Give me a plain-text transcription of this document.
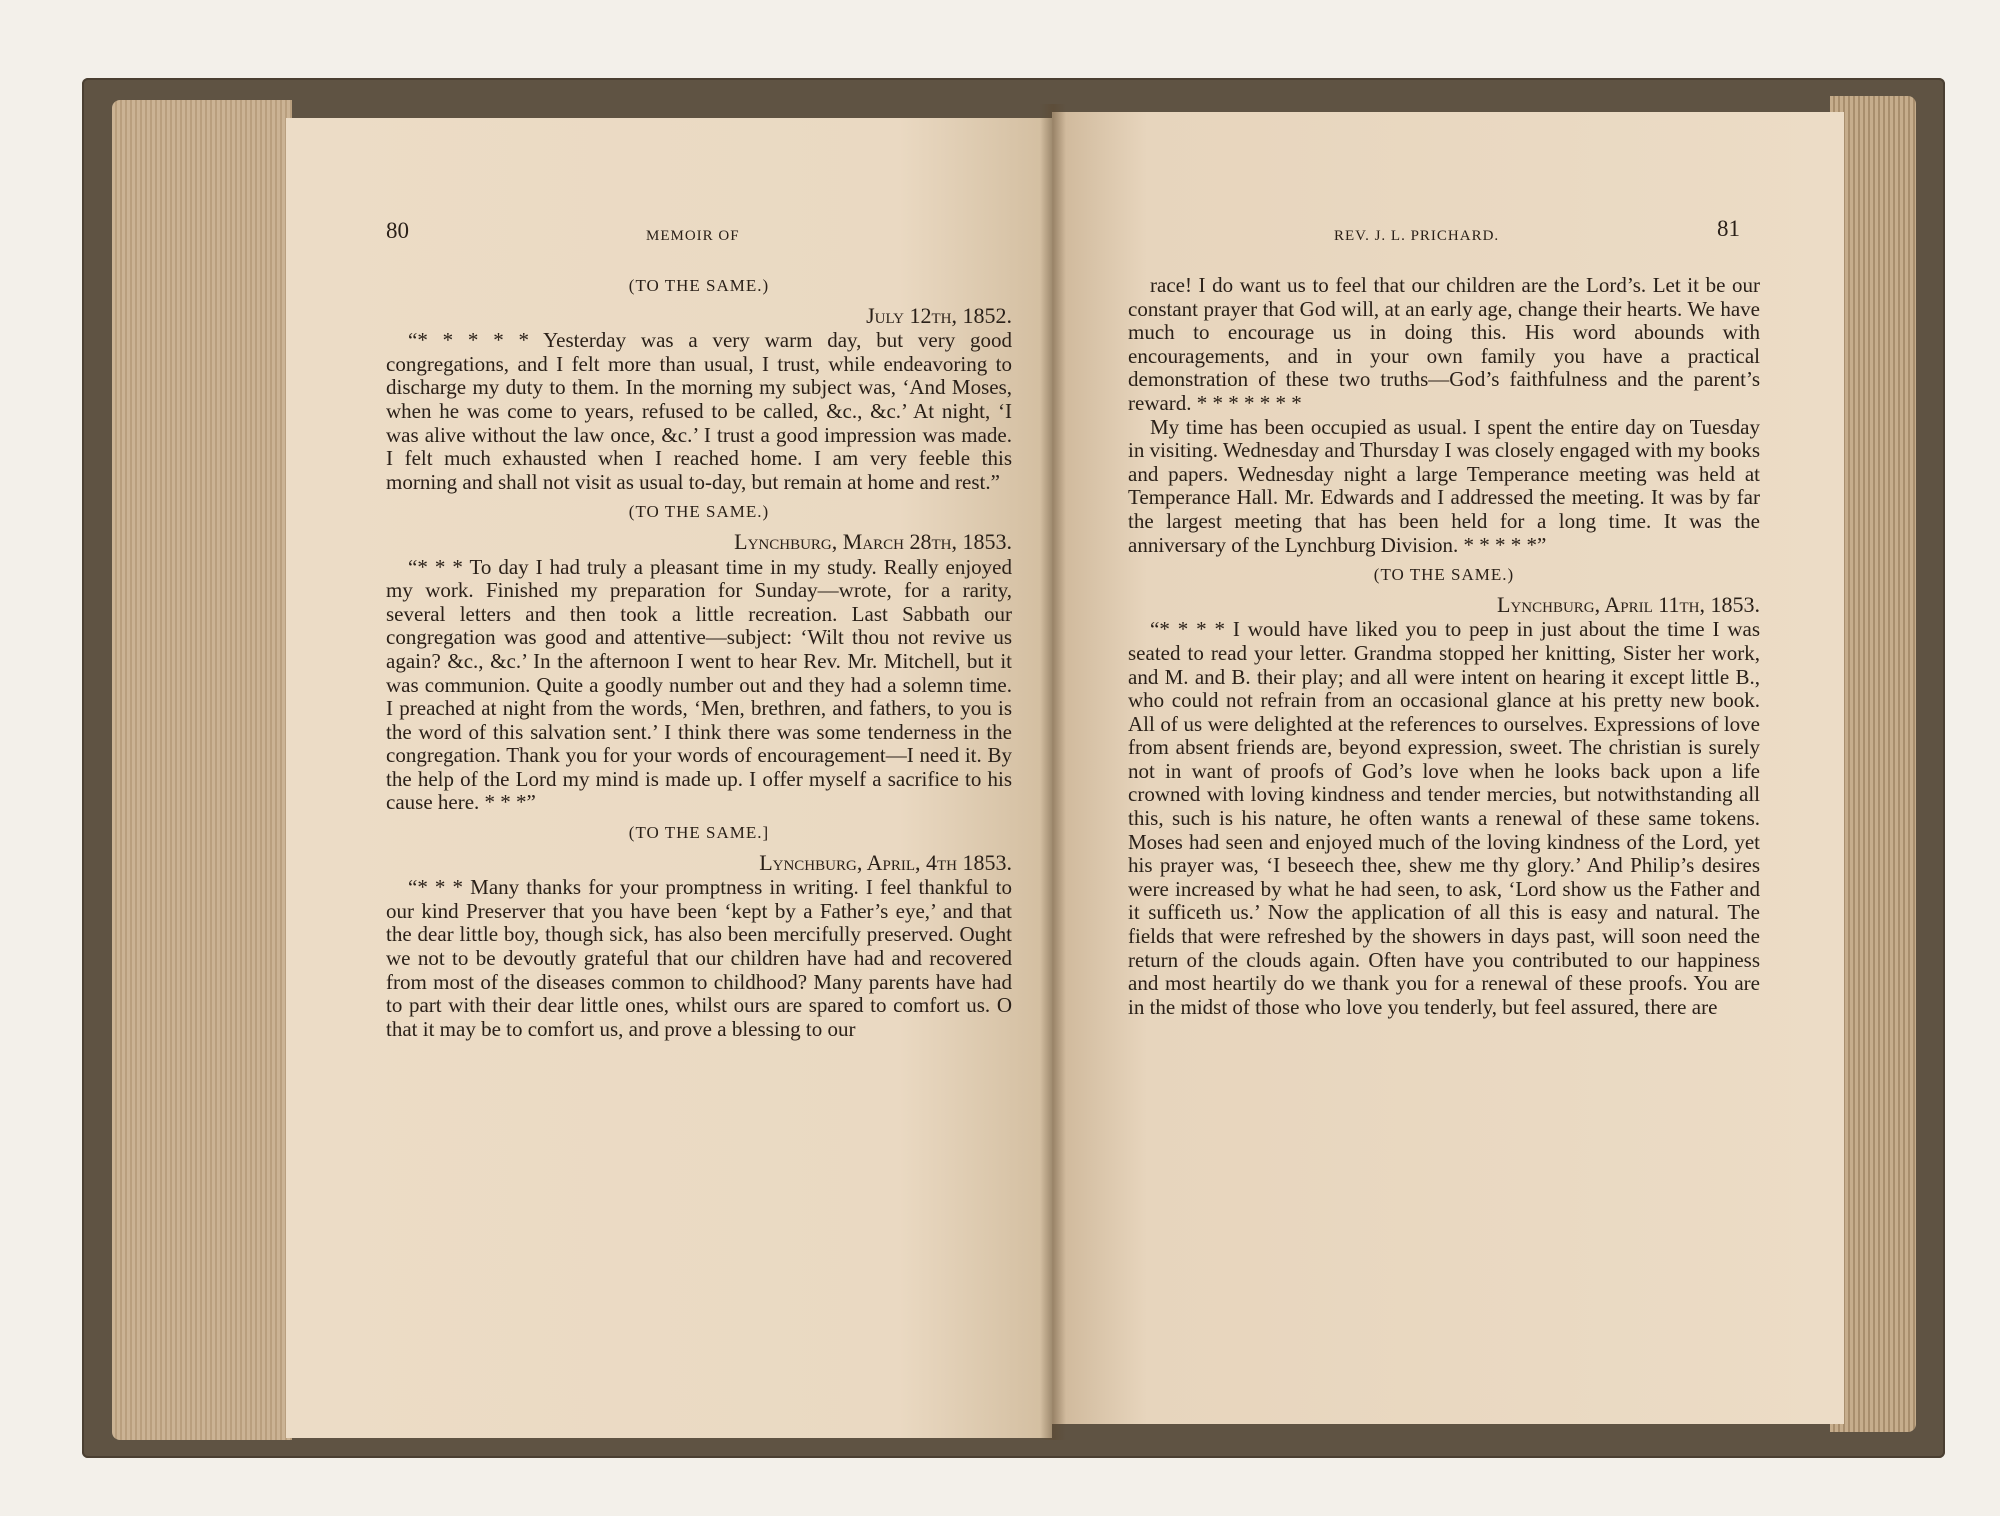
80	MEMOIR OF

(TO THE SAME.)

July 12th, 1852.

“* * * * * Yesterday was a very warm day, but very good congregations, and I felt more than usual, I trust, while endeavoring to discharge my duty to them. In the morning my subject was, ‘And Moses, when he was come to years, refused to be called, &c., &c.’ At night, ‘I was alive without the law once, &c.’ I trust a good impression was made. I felt much exhausted when I reached home. I am very feeble this morning and shall not visit as usual to-day, but remain at home and rest.”

(TO THE SAME.)

Lynchburg, March 28th, 1853.

“* * * To day I had truly a pleasant time in my study. Really enjoyed my work. Finished my preparation for Sunday—wrote, for a rarity, several letters and then took a little recreation. Last Sabbath our congregation was good and attentive—subject: ‘Wilt thou not revive us again? &c., &c.’ In the afternoon I went to hear Rev. Mr. Mitchell, but it was communion. Quite a goodly number out and they had a solemn time. I preached at night from the words, ‘Men, brethren, and fathers, to you is the word of this salvation sent.’ I think there was some tenderness in the congregation. Thank you for your words of encouragement—I need it. By the help of the Lord my mind is made up. I offer myself a sacrifice to his cause here. * * *”

(TO THE SAME.]

Lynchburg, April, 4th 1853.

“* * * Many thanks for your promptness in writing. I feel thankful to our kind Preserver that you have been ‘kept by a Father’s eye,’ and that the dear little boy, though sick, has also been mercifully preserved. Ought we not to be devoutly grateful that our children have had and recovered from most of the diseases common to childhood? Many parents have had to part with their dear little ones, whilst ours are spared to comfort us. O that it may be to comfort us, and prove a blessing to our

REV. J. L. PRICHARD.	81

race! I do want us to feel that our children are the Lord’s. Let it be our constant prayer that God will, at an early age, change their hearts. We have much to encourage us in doing this. His word abounds with encouragements, and in your own family you have a practical demonstration of these two truths—God’s faithfulness and the parent’s reward. * * * * * * *

My time has been occupied as usual. I spent the entire day on Tuesday in visiting. Wednesday and Thursday I was closely engaged with my books and papers. Wednesday night a large Temperance meeting was held at Temperance Hall. Mr. Edwards and I addressed the meeting. It was by far the largest meeting that has been held for a long time. It was the anniversary of the Lynchburg Division. * * * * *”

(TO THE SAME.)

Lynchburg, April 11th, 1853.

“* * * * I would have liked you to peep in just about the time I was seated to read your letter. Grandma stopped her knitting, Sister her work, and M. and B. their play; and all were intent on hearing it except little B., who could not refrain from an occasional glance at his pretty new book. All of us were delighted at the references to ourselves. Expressions of love from absent friends are, beyond expression, sweet. The christian is surely not in want of proofs of God’s love when he looks back upon a life crowned with loving kindness and tender mercies, but notwithstanding all this, such is his nature, he often wants a renewal of these same tokens. Moses had seen and enjoyed much of the loving kindness of the Lord, yet his prayer was, ‘I beseech thee, shew me thy glory.’ And Philip’s desires were increased by what he had seen, to ask, ‘Lord show us the Father and it sufficeth us.’ Now the application of all this is easy and natural. The fields that were refreshed by the showers in days past, will soon need the return of the clouds again. Often have you contributed to our happiness and most heartily do we thank you for a renewal of these proofs. You are in the midst of those who love you tenderly, but feel assured, there are
